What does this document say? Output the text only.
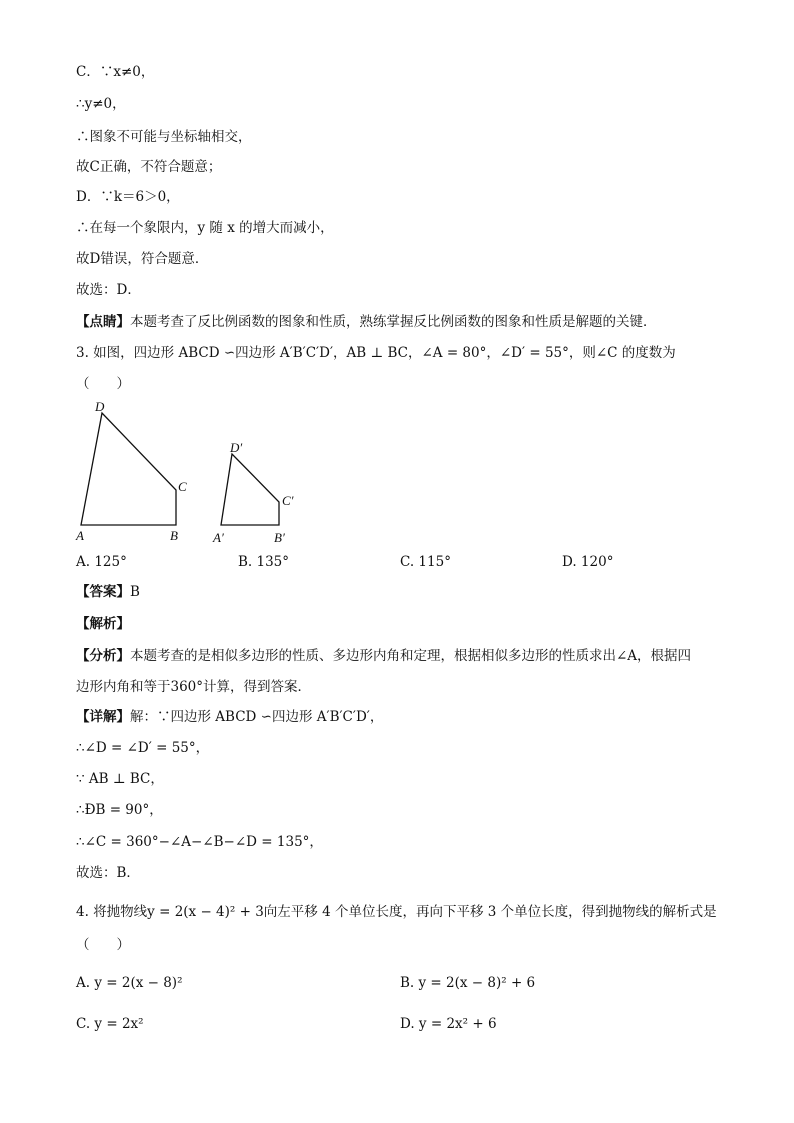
C．∵x≠0，
∴y≠0，
∴图象不可能与坐标轴相交，
故C正确，不符合题意；
D．∵k＝6＞0，
∴在每一个象限内，y 随 x 的增大而减小，
故D错误，符合题意．
故选：D．
【点睛】本题考查了反比例函数的图象和性质，熟练掌握反比例函数的图象和性质是解题的关键．
3. 如图，四边形 ABCD ∽四边形 A′B′C′D′，AB ⊥ BC，∠A = 80°，∠D′ = 55°，则∠C 的度数为
（　　）
D
C
A	B
D′
C′
A′	B′
A. 125°	B. 135°	C. 115°	D. 120°
【答案】B
【解析】
【分析】本题考查的是相似多边形的性质、多边形内角和定理，根据相似多边形的性质求出∠A，根据四
边形内角和等于360°计算，得到答案．
【详解】解：∵四边形 ABCD ∽四边形 A′B′C′D′，
∴∠D = ∠D′ = 55°，
∵ AB ⊥ BC，
∴ÐB = 90°，
∴∠C = 360°−∠A−∠B−∠D = 135°，
故选：B．
4. 将抛物线y = 2(x − 4)² + 3向左平移 4 个单位长度，再向下平移 3 个单位长度，得到抛物线的解析式是
（　　）
A. y = 2(x − 8)²	B. y = 2(x − 8)² + 6
C. y = 2x²	D. y = 2x² + 6
